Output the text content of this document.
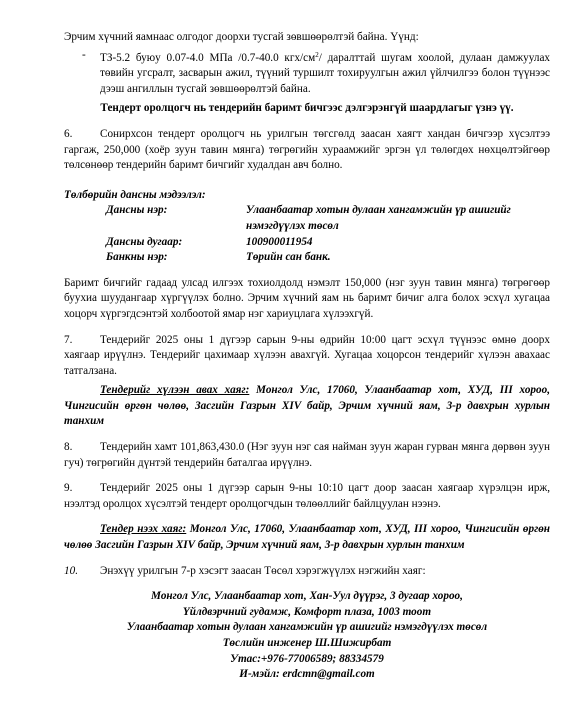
Эрчим хүчний яамнаас олгодог доорхи тусгай зөвшөөрөлтэй байна. Үүнд:

-	ТЗ-5.2 буюу 0.07-4.0 МПа /0.7-40.0 кгх/$см^2/$ даралттай шугам хоолой, дулаан дамжуулах төвийн угсралт, засварын ажил, түүний туршилт тохируулгын ажил үйлчилгээ болон түүнээс дээш ангиллын тусгай зөвшөөрөлтэй байна.

Тендерт оролцогч нь тендерийн баримт бичгээс дэлгэрэнгүй шаардлагыг үзнэ үү.

6. Сонирхсон тендерт оролцогч нь урилгын төгсгөлд заасан хаягт хандан бичгээр хүсэлтээ гаргаж, 250,000 (хоёр зуун тавин мянга) төгрөгийн хураамжийг эргэн үл төлөгдөх нөхцөлтэйгөөр төлсөнөөр тендерийн баримт бичгийг худалдан авч болно.

Төлбөрийн дансны мэдээлэл:
Дансны нэр:	Улаанбаатар хотын дулаан хангамжийн үр ашигийг
нэмэгдүүлэх төсөл
Дансны дугаар:	100900011954
Банкны нэр:	Төрийн сан банк.

Баримт бичгийг гадаад улсад илгээх тохиолдолд нэмэлт 150,000 (нэг зуун тавин мянга) төгрөгөөр буухиа шуудангаар хүргүүлэх болно. Эрчим хүчний яам нь баримт бичиг алга болох эсхүл хугацаа хоцорч хүргэгдсэнтэй холбоотой ямар нэг хариуцлага хүлээхгүй.

7. Тендерийг 2025 оны 1 дүгээр сарын 9-ны өдрийн 10:00 цагт эсхүл түүнээс өмнө доорх хаягаар ирүүлнэ. Тендерийг цахимаар хүлээн авахгүй. Хугацаа хоцорсон тендерийг хүлээн авахаас татгалзана.

Тендерийг хүлээн авах хаяг: Монгол Улс, 17060, Улаанбаатар хот, ХУД, III хороо, Чингисийн өргөн чөлөө, Засгийн Газрын XIV байр, Эрчим хүчний яам, 3-р давхрын хурлын танхим

8. Тендерийн хамт 101,863,430.0 (Нэг зуун нэг сая найман зуун жаран гурван мянга дөрвөн зуун гуч) төгрөгийн дүнтэй тендерийн баталгаа ирүүлнэ.

9. Тендерийг 2025 оны 1 дүгээр сарын 9-ны 10:10 цагт доор заасан хаягаар хүрэлцэн ирж, нээлтэд оролцох хүсэлтэй тендерт оролцогчдын төлөөллийг байлцуулан нээнэ.

Тендер нээх хаяг: Монгол Улс, 17060, Улаанбаатар хот, ХУД, III хороо, Чингисийн өргөн чөлөө Засгийн Газрын XIV байр, Эрчим хүчний яам, 3-р давхрын хурлын танхим

10. Энэхүү урилгын 7-р хэсэгт заасан Төсөл хэрэгжүүлэх нэгжийн хаяг:

Монгол Улс, Улаанбаатар хот, Хан-Уул дүүрэг, 3 дугаар хороо,
Үйлдвэрчний гудамж, Комфорт плаза, 1003 тоот
Улаанбаатар хотын дулаан хангамжийн үр ашигийг нэмэгдүүлэх төсөл
Төслийн инженер Ш.Шижирбат
Утас:+976-77006589; 88334579
И-мэйл: erdcmn@gmail.com
